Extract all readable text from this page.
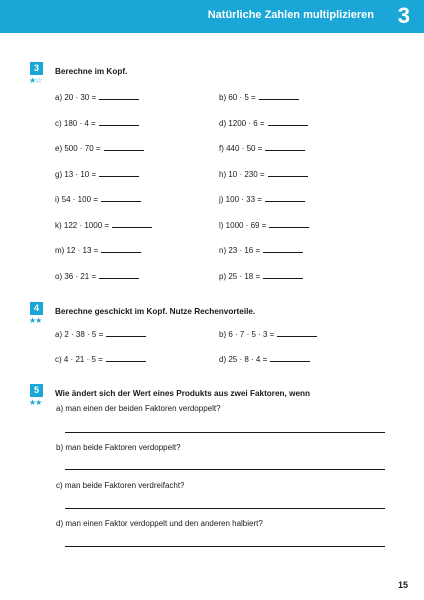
Natürliche Zahlen multiplizieren 3
3
★☆
Berechne im Kopf.
a) 20 · 30 =	b) 60 · 5 =
c) 180 · 4 =	d) 1200 · 6 =
e) 500 · 70 =	f) 440 · 50 =
g) 13 · 10 =	h) 10 · 230 =
i) 54 · 100 =	j) 100 · 33 =
k) 122 · 1000 =	l) 1000 · 69 =
m) 12 · 13 =	n) 23 · 16 =
o) 36 · 21 =	p) 25 · 18 =
4
★★
Berechne geschickt im Kopf. Nutze Rechenvorteile.
a) 2 · 38 · 5 =	b) 6 · 7 · 5 · 3 =
c) 4 · 21 · 5 =	d) 25 · 8 · 4 =
5
★★
Wie ändert sich der Wert eines Produkts aus zwei Faktoren, wenn
a) man einen der beiden Faktoren verdoppelt?
b) man beide Faktoren verdoppelt?
c) man beide Faktoren verdreifacht?
d) man einen Faktor verdoppelt und den anderen halbiert?
15
